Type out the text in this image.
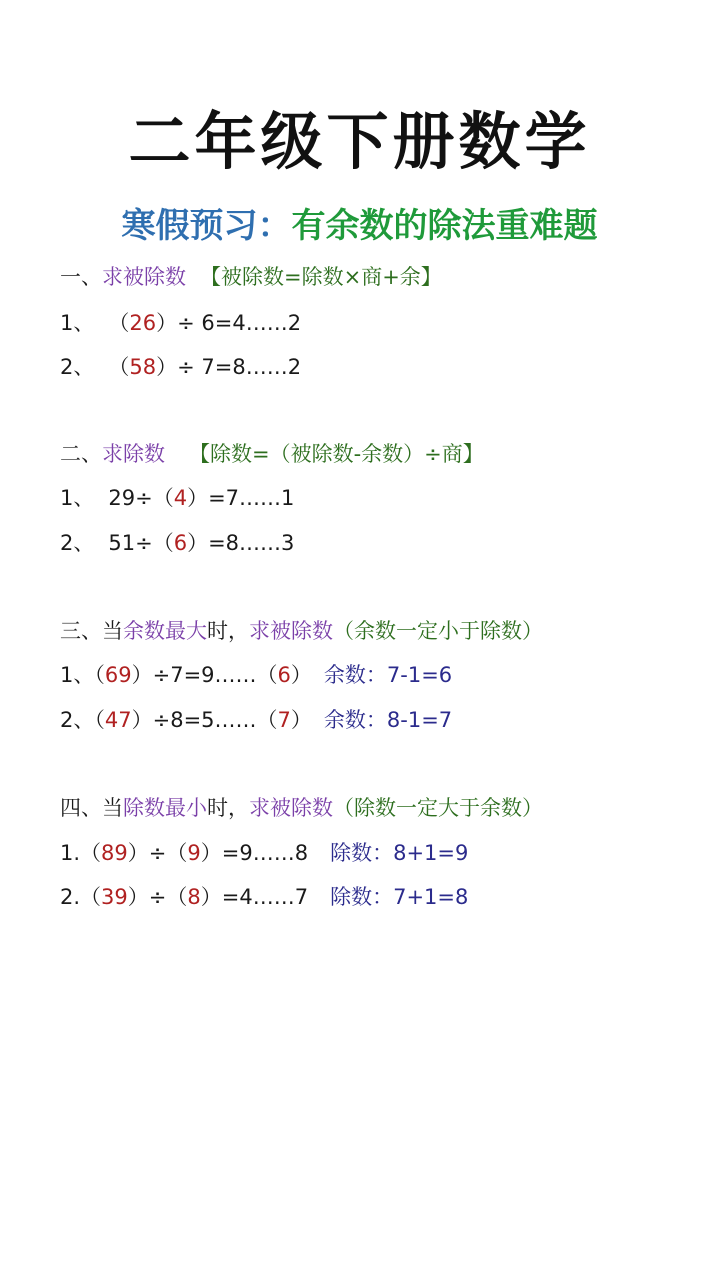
二年级下册数学
寒假预习：有余数的除法重难题
一、求被除数 【被除数=除数×商+余】
1、 （26）÷ 6=4……2
2、 （58）÷ 7=8……2
二、求除数 【除数=（被除数-余数）÷商】
1、 29÷（4）=7……1
2、 51÷（6）=8……3
三、当余数最大时，求被除数（余数一定小于除数）
1、（69）÷7=9……（6） 余数：7-1=6
2、（47）÷8=5……（7） 余数：8-1=7
四、当除数最小时，求被除数（除数一定大于余数）
1.（89）÷（9）=9……8 除数：8+1=9
2.（39）÷（8）=4……7 除数：7+1=8
